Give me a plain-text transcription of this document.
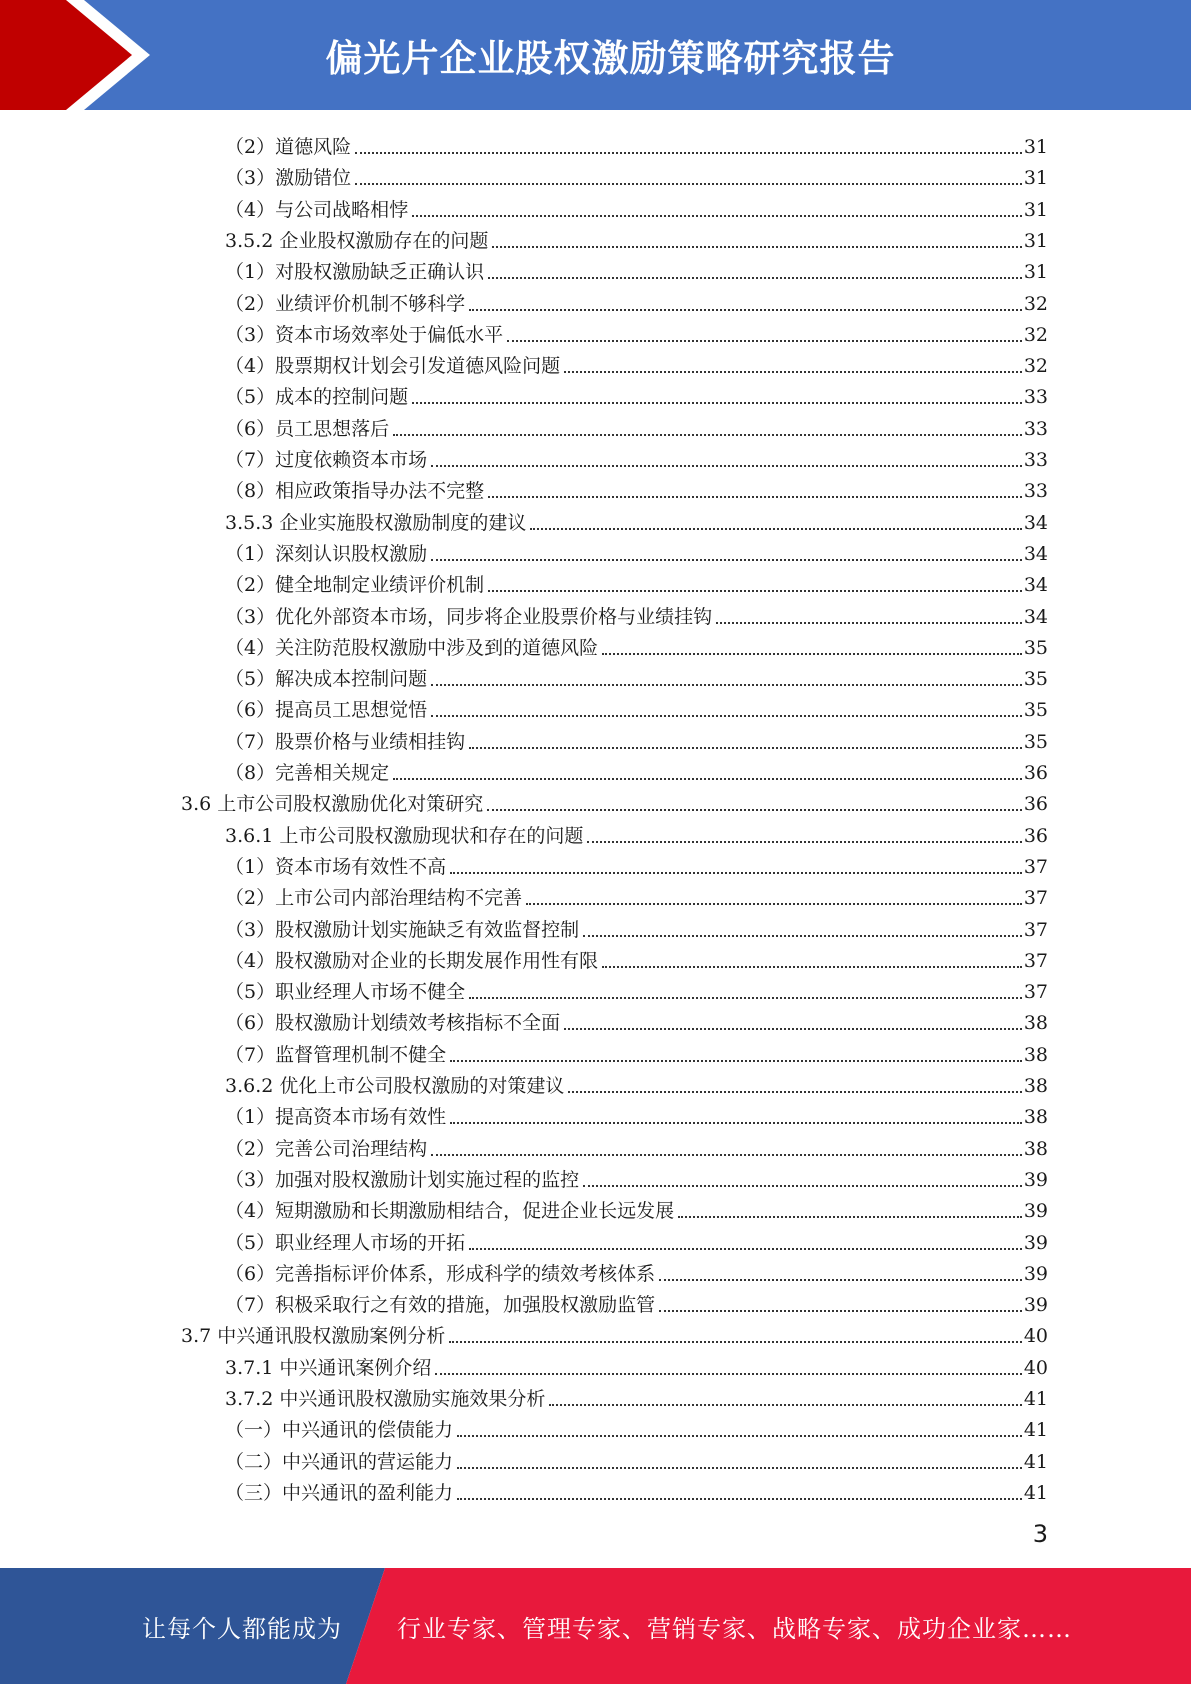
偏光片企业股权激励策略研究报告
（2）道德风险	31
（3）激励错位	31
（4）与公司战略相悖	31
3.5.2 企业股权激励存在的问题	31
（1）对股权激励缺乏正确认识	31
（2）业绩评价机制不够科学	32
（3）资本市场效率处于偏低水平	32
（4）股票期权计划会引发道德风险问题	32
（5）成本的控制问题	33
（6）员工思想落后	33
（7）过度依赖资本市场	33
（8）相应政策指导办法不完整	33
3.5.3 企业实施股权激励制度的建议	34
（1）深刻认识股权激励	34
（2）健全地制定业绩评价机制	34
（3）优化外部资本市场，同步将企业股票价格与业绩挂钩	34
（4）关注防范股权激励中涉及到的道德风险	35
（5）解决成本控制问题	35
（6）提高员工思想觉悟	35
（7）股票价格与业绩相挂钩	35
（8）完善相关规定	36
3.6 上市公司股权激励优化对策研究	36
3.6.1 上市公司股权激励现状和存在的问题	36
（1）资本市场有效性不高	37
（2）上市公司内部治理结构不完善	37
（3）股权激励计划实施缺乏有效监督控制	37
（4）股权激励对企业的长期发展作用性有限	37
（5）职业经理人市场不健全	37
（6）股权激励计划绩效考核指标不全面	38
（7）监督管理机制不健全	38
3.6.2 优化上市公司股权激励的对策建议	38
（1）提高资本市场有效性	38
（2）完善公司治理结构	38
（3）加强对股权激励计划实施过程的监控	39
（4）短期激励和长期激励相结合，促进企业长远发展	39
（5）职业经理人市场的开拓	39
（6）完善指标评价体系，形成科学的绩效考核体系	39
（7）积极采取行之有效的措施，加强股权激励监管	39
3.7 中兴通讯股权激励案例分析	40
3.7.1 中兴通讯案例介绍	40
3.7.2 中兴通讯股权激励实施效果分析	41
（一）中兴通讯的偿债能力	41
（二）中兴通讯的营运能力	41
（三）中兴通讯的盈利能力	41
3
让每个人都能成为 行业专家、管理专家、营销专家、战略专家、成功企业家……
